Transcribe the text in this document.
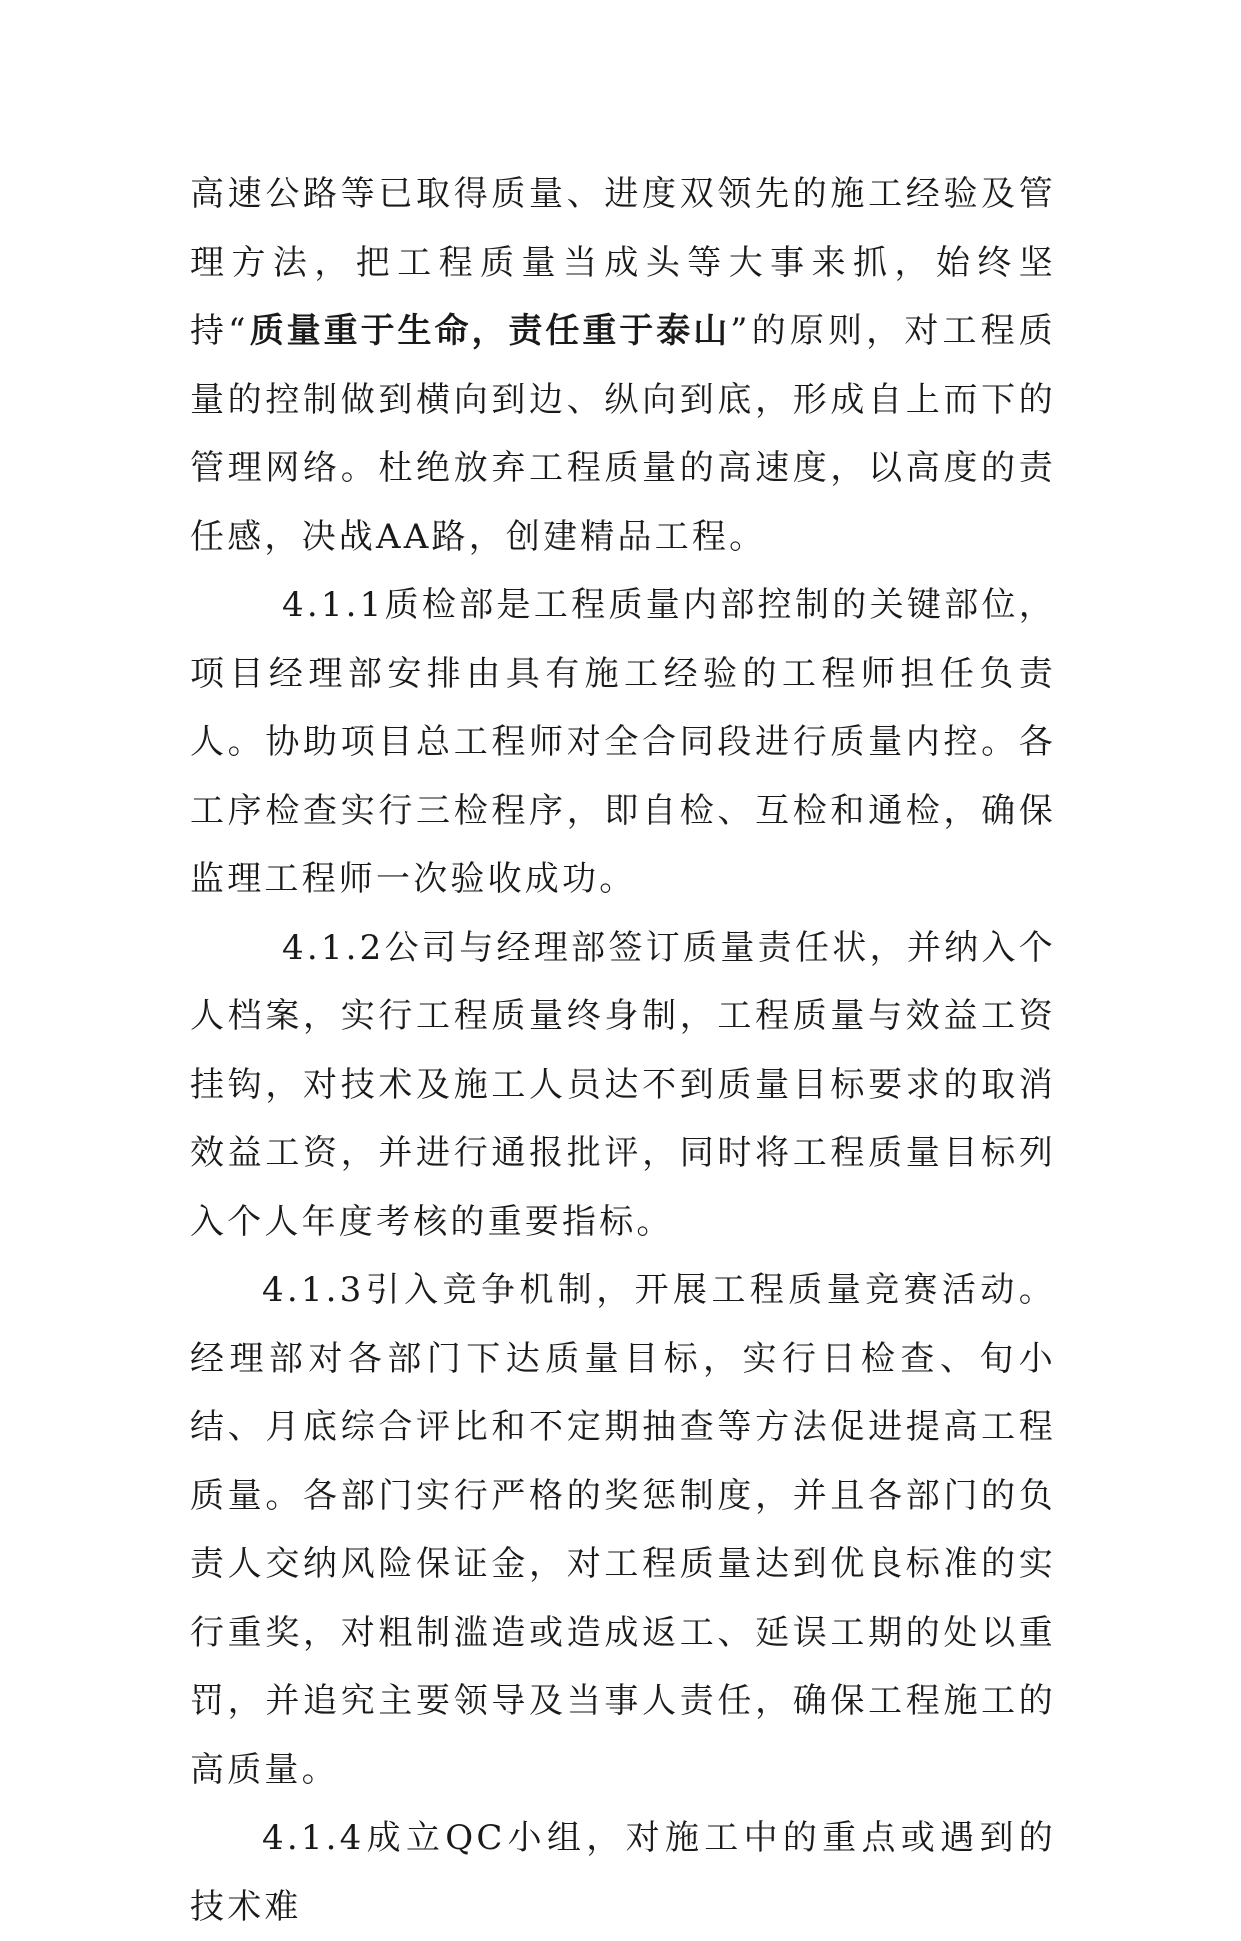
高速公路等已取得质量、进度双领先的施工经验及管理方法，把工程质量当成头等大事来抓，始终坚持“质量重于生命，责任重于泰山”的原则，对工程质量的控制做到横向到边、纵向到底，形成自上而下的管理网络。杜绝放弃工程质量的高速度，以高度的责任感，决战AA路，创建精品工程。

4.1.1质检部是工程质量内部控制的关键部位，项目经理部安排由具有施工经验的工程师担任负责人。协助项目总工程师对全合同段进行质量内控。各工序检查实行三检程序，即自检、互检和通检，确保监理工程师一次验收成功。

4.1.2公司与经理部签订质量责任状，并纳入个人档案，实行工程质量终身制，工程质量与效益工资挂钩，对技术及施工人员达不到质量目标要求的取消效益工资，并进行通报批评，同时将工程质量目标列入个人年度考核的重要指标。

4.1.3引入竞争机制，开展工程质量竞赛活动。经理部对各部门下达质量目标，实行日检查、旬小结、月底综合评比和不定期抽查等方法促进提高工程质量。各部门实行严格的奖惩制度，并且各部门的负责人交纳风险保证金，对工程质量达到优良标准的实行重奖，对粗制滥造或造成返工、延误工期的处以重罚，并追究主要领导及当事人责任，确保工程施工的高质量。

4.1.4成立QC小组，对施工中的重点或遇到的技术难
